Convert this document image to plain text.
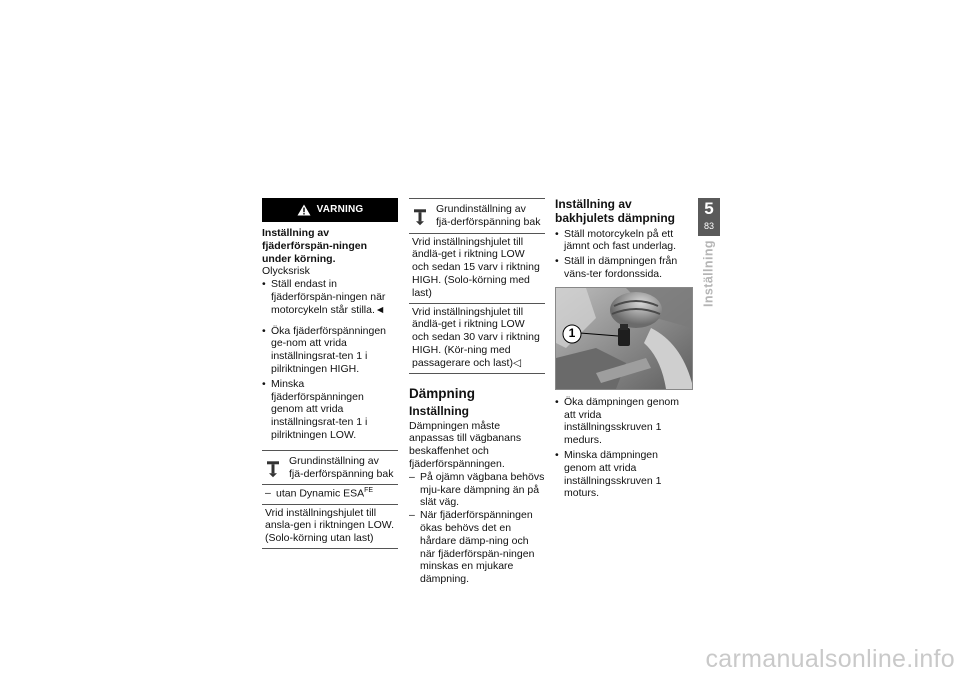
VARNING
Inställning av fjäderförspän-ningen under körning.
Olycksrisk
• Ställ endast in fjäderförspän-ningen när motorcykeln står stilla.◄
• Öka fjäderförspänningen ge-nom att vrida inställningsrat-ten 1 i pilriktningen HIGH.
• Minska fjäderförspänningen genom att vrida inställningsrat-ten 1 i pilriktningen LOW.
Grundinställning av fjä-derförspänning bak

– utan Dynamic $ESA^{FE}$

Vrid inställningshjulet till ansla-gen i riktningen LOW. (Solo-körning utan last)
Grundinställning av fjä-derförspänning bak

Vrid inställningshjulet till ändlä-get i riktning LOW och sedan 15 varv i riktning HIGH. (Solo-körning med last)
Vrid inställningshjulet till ändlä-get i riktning LOW och sedan 30 varv i riktning HIGH. (Kör-ning med passagerare och last)◁
Dämpning
Inställning
Dämpningen måste anpassas till vägbanans beskaffenhet och fjäderförspänningen.
– På ojämn vägbana behövs mju-kare dämpning än på slät väg.
– När fjäderförspänningen ökas behövs det en hårdare dämp-ning och när fjäderförspän-ningen minskas en mjukare dämpning.
Inställning av bakhjulets dämpning
• Ställ motorcykeln på ett jämnt och fast underlag.
• Ställ in dämpningen från väns-ter fordonssida.
1
• Öka dämpningen genom att vrida inställningsskruven 1 medurs.
• Minska dämpningen genom att vrida inställningsskruven 1 moturs.
5
83
Inställning
carmanualsonline.info
